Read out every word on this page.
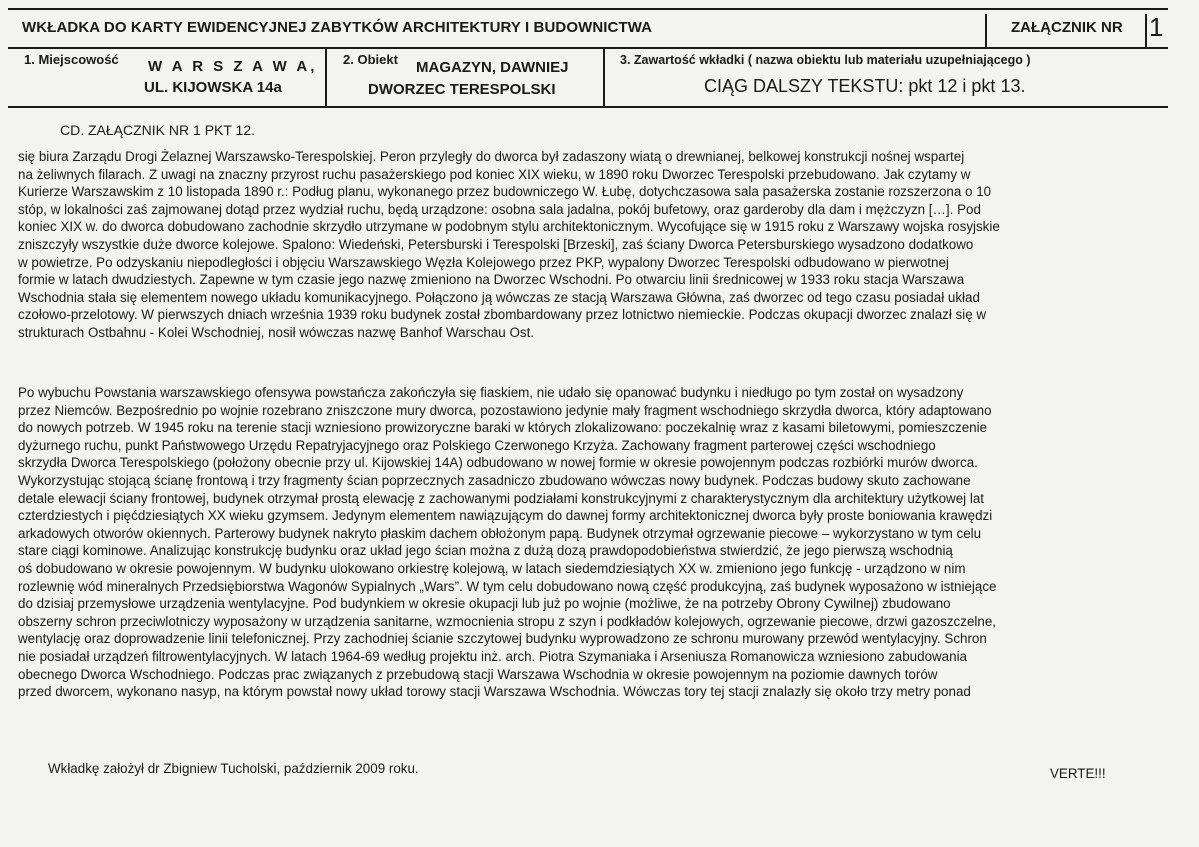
WKŁADKA DO KARTY EWIDENCYJNEJ ZABYTKÓW ARCHITEKTURY I BUDOWNICTWA	ZAŁĄCZNIK NR 1
1. Miejscowość W A R S Z A W A,
UL. KIJOWSKA 14a
2. Obiekt MAGAZYN, DAWNIEJ
DWORZEC TERESPOLSKI
3. Zawartość wkładki ( nazwa obiektu lub materiału uzupełniającego )
CIĄG DALSZY TEKSTU: pkt 12 i pkt 13.
CD. ZAŁĄCZNIK NR 1 PKT 12.
się biura Zarządu Drogi Żelaznej Warszawsko-Terespolskiej. Peron przyległy do dworca był zadaszony wiatą o drewnianej, belkowej konstrukcji nośnej wspartej
na żeliwnych filarach. Z uwagi na znaczny przyrost ruchu pasażerskiego pod koniec XIX wieku, w 1890 roku Dworzec Terespolski przebudowano. Jak czytamy w
Kurierze Warszawskim z 10 listopada 1890 r.: Podług planu, wykonanego przez budowniczego W. Łubę, dotychczasowa sala pasażerska zostanie rozszerzona o 10
stóp, w lokalności zaś zajmowanej dotąd przez wydział ruchu, będą urządzone: osobna sala jadalna, pokój bufetowy, oraz garderoby dla dam i mężczyzn […]. Pod
koniec XIX w. do dworca dobudowano zachodnie skrzydło utrzymane w podobnym stylu architektonicznym. Wycofujące się w 1915 roku z Warszawy wojska rosyjskie
zniszczyły wszystkie duże dworce kolejowe. Spalono: Wiedeński, Petersburski i Terespolski [Brzeski], zaś ściany Dworca Petersburskiego wysadzono dodatkowo
w powietrze. Po odzyskaniu niepodległości i objęciu Warszawskiego Węzła Kolejowego przez PKP, wypalony Dworzec Terespolski odbudowano w pierwotnej
formie w latach dwudziestych. Zapewne w tym czasie jego nazwę zmieniono na Dworzec Wschodni. Po otwarciu linii średnicowej w 1933 roku stacja Warszawa
Wschodnia stała się elementem nowego układu komunikacyjnego. Połączono ją wówczas ze stacją Warszawa Główna, zaś dworzec od tego czasu posiadał układ
czołowo-przelotowy. W pierwszych dniach września 1939 roku budynek został zbombardowany przez lotnictwo niemieckie. Podczas okupacji dworzec znalazł się w
strukturach Ostbahnu - Kolei Wschodniej, nosił wówczas nazwę Banhof Warschau Ost.
Po wybuchu Powstania warszawskiego ofensywa powstańcza zakończyła się fiaskiem, nie udało się opanować budynku i niedługo po tym został on wysadzony
przez Niemców. Bezpośrednio po wojnie rozebrano zniszczone mury dworca, pozostawiono jedynie mały fragment wschodniego skrzydła dworca, który adaptowano
do nowych potrzeb. W 1945 roku na terenie stacji wzniesiono prowizoryczne baraki w których zlokalizowano: poczekalnię wraz z kasami biletowymi, pomieszczenie
dyżurnego ruchu, punkt Państwowego Urzędu Repatryjacyjnego oraz Polskiego Czerwonego Krzyża. Zachowany fragment parterowej części wschodniego
skrzydła Dworca Terespolskiego (położony obecnie przy ul. Kijowskiej 14A) odbudowano w nowej formie w okresie powojennym podczas rozbiórki murów dworca.
Wykorzystując stojącą ścianę frontową i trzy fragmenty ścian poprzecznych zasadniczo zbudowano wówczas nowy budynek. Podczas budowy skuto zachowane
detale elewacji ściany frontowej, budynek otrzymał prostą elewację z zachowanymi podziałami konstrukcyjnymi z charakterystycznym dla architektury użytkowej lat
czterdziestych i pięćdziesiątych XX wieku gzymsem. Jedynym elementem nawiązującym do dawnej formy architektonicznej dworca były proste boniowania krawędzi
arkadowych otworów okiennych. Parterowy budynek nakryto płaskim dachem obłożonym papą. Budynek otrzymał ogrzewanie piecowe – wykorzystano w tym celu
stare ciągi kominowe. Analizując konstrukcję budynku oraz układ jego ścian można z dużą dozą prawdopodobieństwa stwierdzić, że jego pierwszą wschodnią
oś dobudowano w okresie powojennym. W budynku ulokowano orkiestrę kolejową, w latach siedemdziesiątych XX w. zmieniono jego funkcję - urządzono w nim
rozlewnię wód mineralnych Przedsiębiorstwa Wagonów Sypialnych „Wars”. W tym celu dobudowano nową część produkcyjną, zaś budynek wyposażono w istniejące
do dzisiaj przemysłowe urządzenia wentylacyjne. Pod budynkiem w okresie okupacji lub już po wojnie (możliwe, że na potrzeby Obrony Cywilnej) zbudowano
obszerny schron przeciwlotniczy wyposażony w urządzenia sanitarne, wzmocnienia stropu z szyn i podkładów kolejowych, ogrzewanie piecowe, drzwi gazoszczelne,
wentylację oraz doprowadzenie linii telefonicznej. Przy zachodniej ścianie szczytowej budynku wyprowadzono ze schronu murowany przewód wentylacyjny. Schron
nie posiadał urządzeń filtrowentylacyjnych. W latach 1964-69 według projektu inż. arch. Piotra Szymaniaka i Arseniusza Romanowicza wzniesiono zabudowania
obecnego Dworca Wschodniego. Podczas prac związanych z przebudową stacji Warszawa Wschodnia w okresie powojennym na poziomie dawnych torów
przed dworcem, wykonano nasyp, na którym powstał nowy układ torowy stacji Warszawa Wschodnia. Wówczas tory tej stacji znalazły się około trzy metry ponad
Wkładkę założył dr Zbigniew Tucholski, październik 2009 roku.	VERTE!!!
